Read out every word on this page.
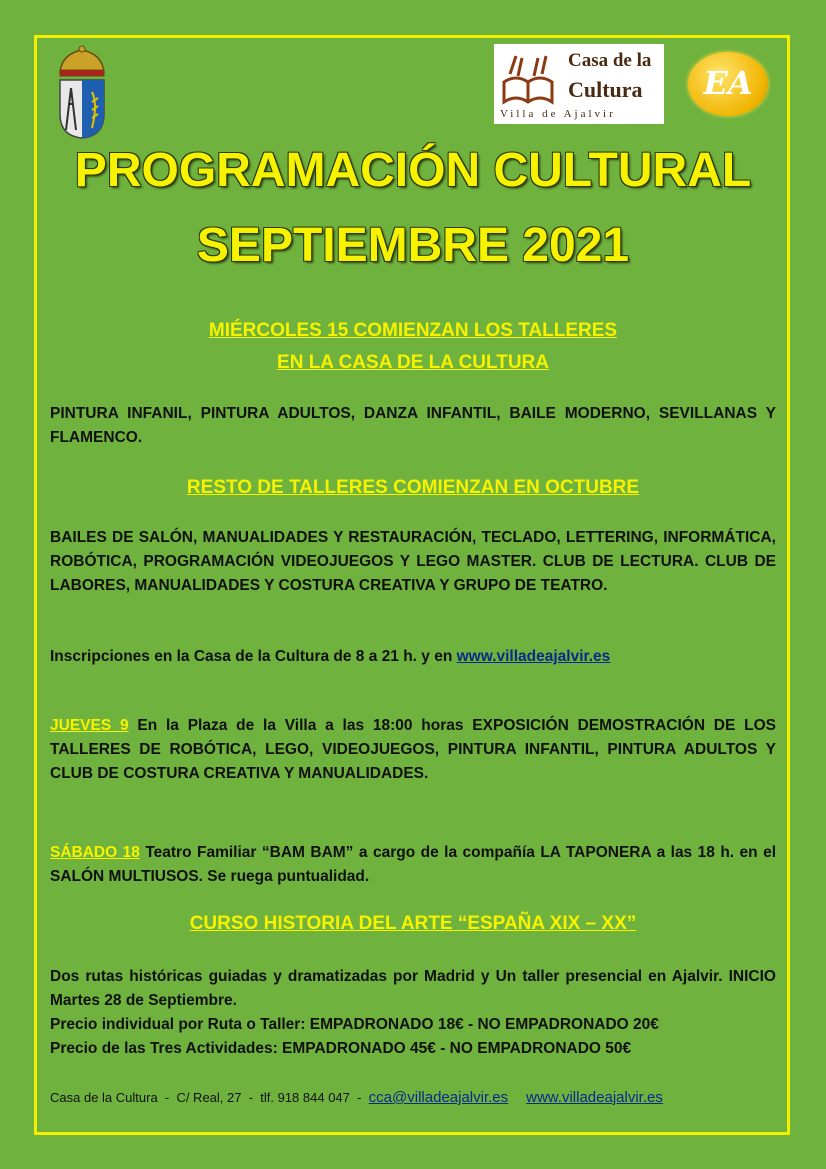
Casa de la
Cultura
Villa de Ajalvir
EA
PROGRAMACIÓN CULTURAL
SEPTIEMBRE 2021
MIÉRCOLES 15 COMIENZAN LOS TALLERES
EN LA CASA DE LA CULTURA
PINTURA INFANIL, PINTURA ADULTOS, DANZA INFANTIL, BAILE MODERNO, SEVILLANAS Y FLAMENCO.
RESTO DE TALLERES COMIENZAN EN OCTUBRE
BAILES DE SALÓN, MANUALIDADES Y RESTAURACIÓN, TECLADO, LETTERING, INFORMÁTICA, ROBÓTICA, PROGRAMACIÓN VIDEOJUEGOS Y LEGO MASTER. CLUB DE LECTURA. CLUB DE LABORES, MANUALIDADES Y COSTURA CREATIVA Y GRUPO DE TEATRO.
Inscripciones en la Casa de la Cultura de 8 a 21 h. y en www.villadeajalvir.es
JUEVES 9 En la Plaza de la Villa a las 18:00 horas EXPOSICIÓN DEMOSTRACIÓN DE LOS TALLERES DE ROBÓTICA, LEGO, VIDEOJUEGOS, PINTURA INFANTIL, PINTURA ADULTOS Y CLUB DE COSTURA CREATIVA Y MANUALIDADES.
SÁBADO 18 Teatro Familiar “BAM BAM” a cargo de la compañía LA TAPONERA a las 18 h. en el SALÓN MULTIUSOS. Se ruega puntualidad.
CURSO HISTORIA DEL ARTE “ESPAÑA XIX – XX”
Dos rutas históricas guiadas y dramatizadas por Madrid y Un taller presencial en Ajalvir. INICIO Martes 28 de Septiembre.
Precio individual por Ruta o Taller: EMPADRONADO 18€ - NO EMPADRONADO 20€
Precio de las Tres Actividades: EMPADRONADO 45€ - NO EMPADRONADO 50€
Casa de la Cultura  -  C/ Real, 27  -  tlf. 918 844 047  -  cca@villadeajalvir.es www.villadeajalvir.es
